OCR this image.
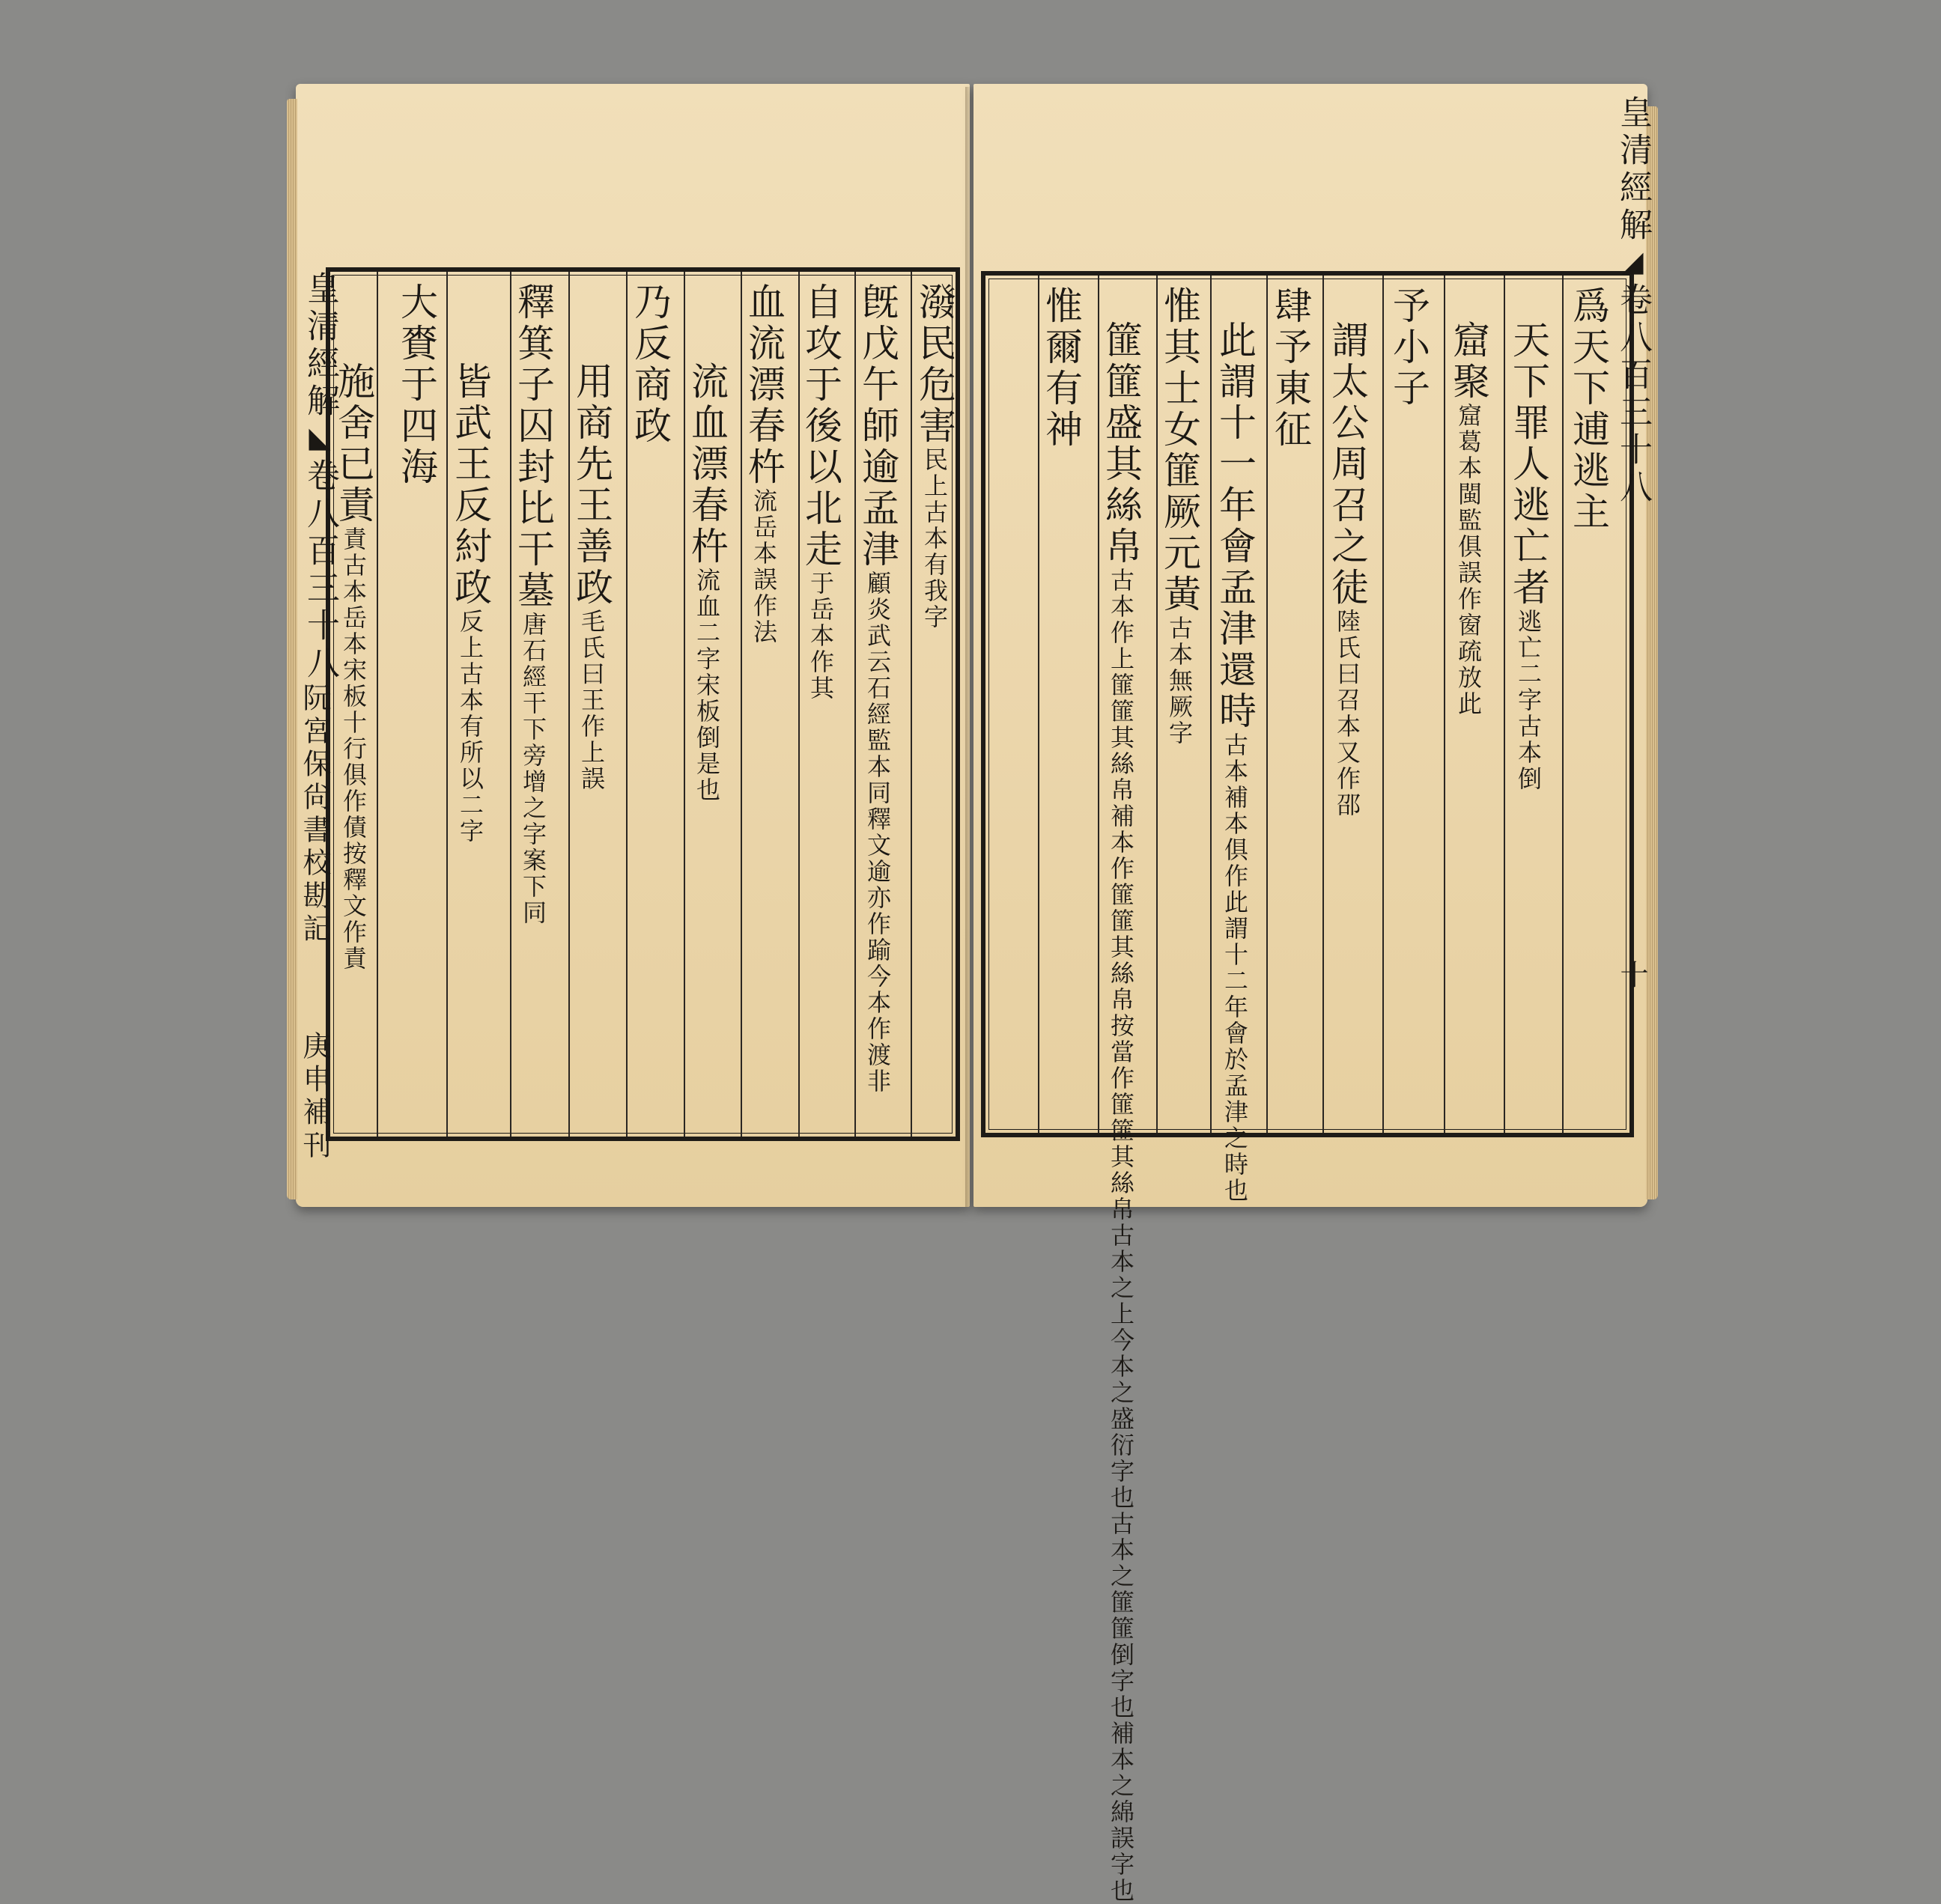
潑民危害民上古本有我字
旣戊午師逾孟津顧炎武云石經監本同釋文逾亦作踰今本作渡非
自攻于後以北走于岳本作其
血流漂春杵流岳本誤作法
流血漂春杵流血二字宋板倒是也
乃反商政
用商先王善政毛氏曰王作上誤
釋箕子囚封比干墓唐石經干下旁增之字案下同
皆武王反紂政反上古本有所以二字
大賚于四海
施舍已責責古本岳本宋板十行俱作債按釋文作責
皇清經解◣卷八百三十八
阮宮保尙書校勘記
庚申補刊
爲天下逋逃主
天下罪人逃亡者逃亡二字古本倒
窟聚窟葛本閩監俱誤作窗疏放此
予小子
謂太公周召之徒陸氏曰召本又作邵
肆予東征
此謂十一年會孟津還時古本補本俱作此謂十二年會於孟津之時也
惟其士女篚厥元黃古本無厥字
篚篚盛其絲帛古本作上篚篚其絲帛補本作篚篚其絲帛按當作篚篚其絲帛古本之上今本之盛衍字也古本之篚篚倒字也補本之綿誤字也
惟爾有神
皇清經解◢卷八百三十八
十
